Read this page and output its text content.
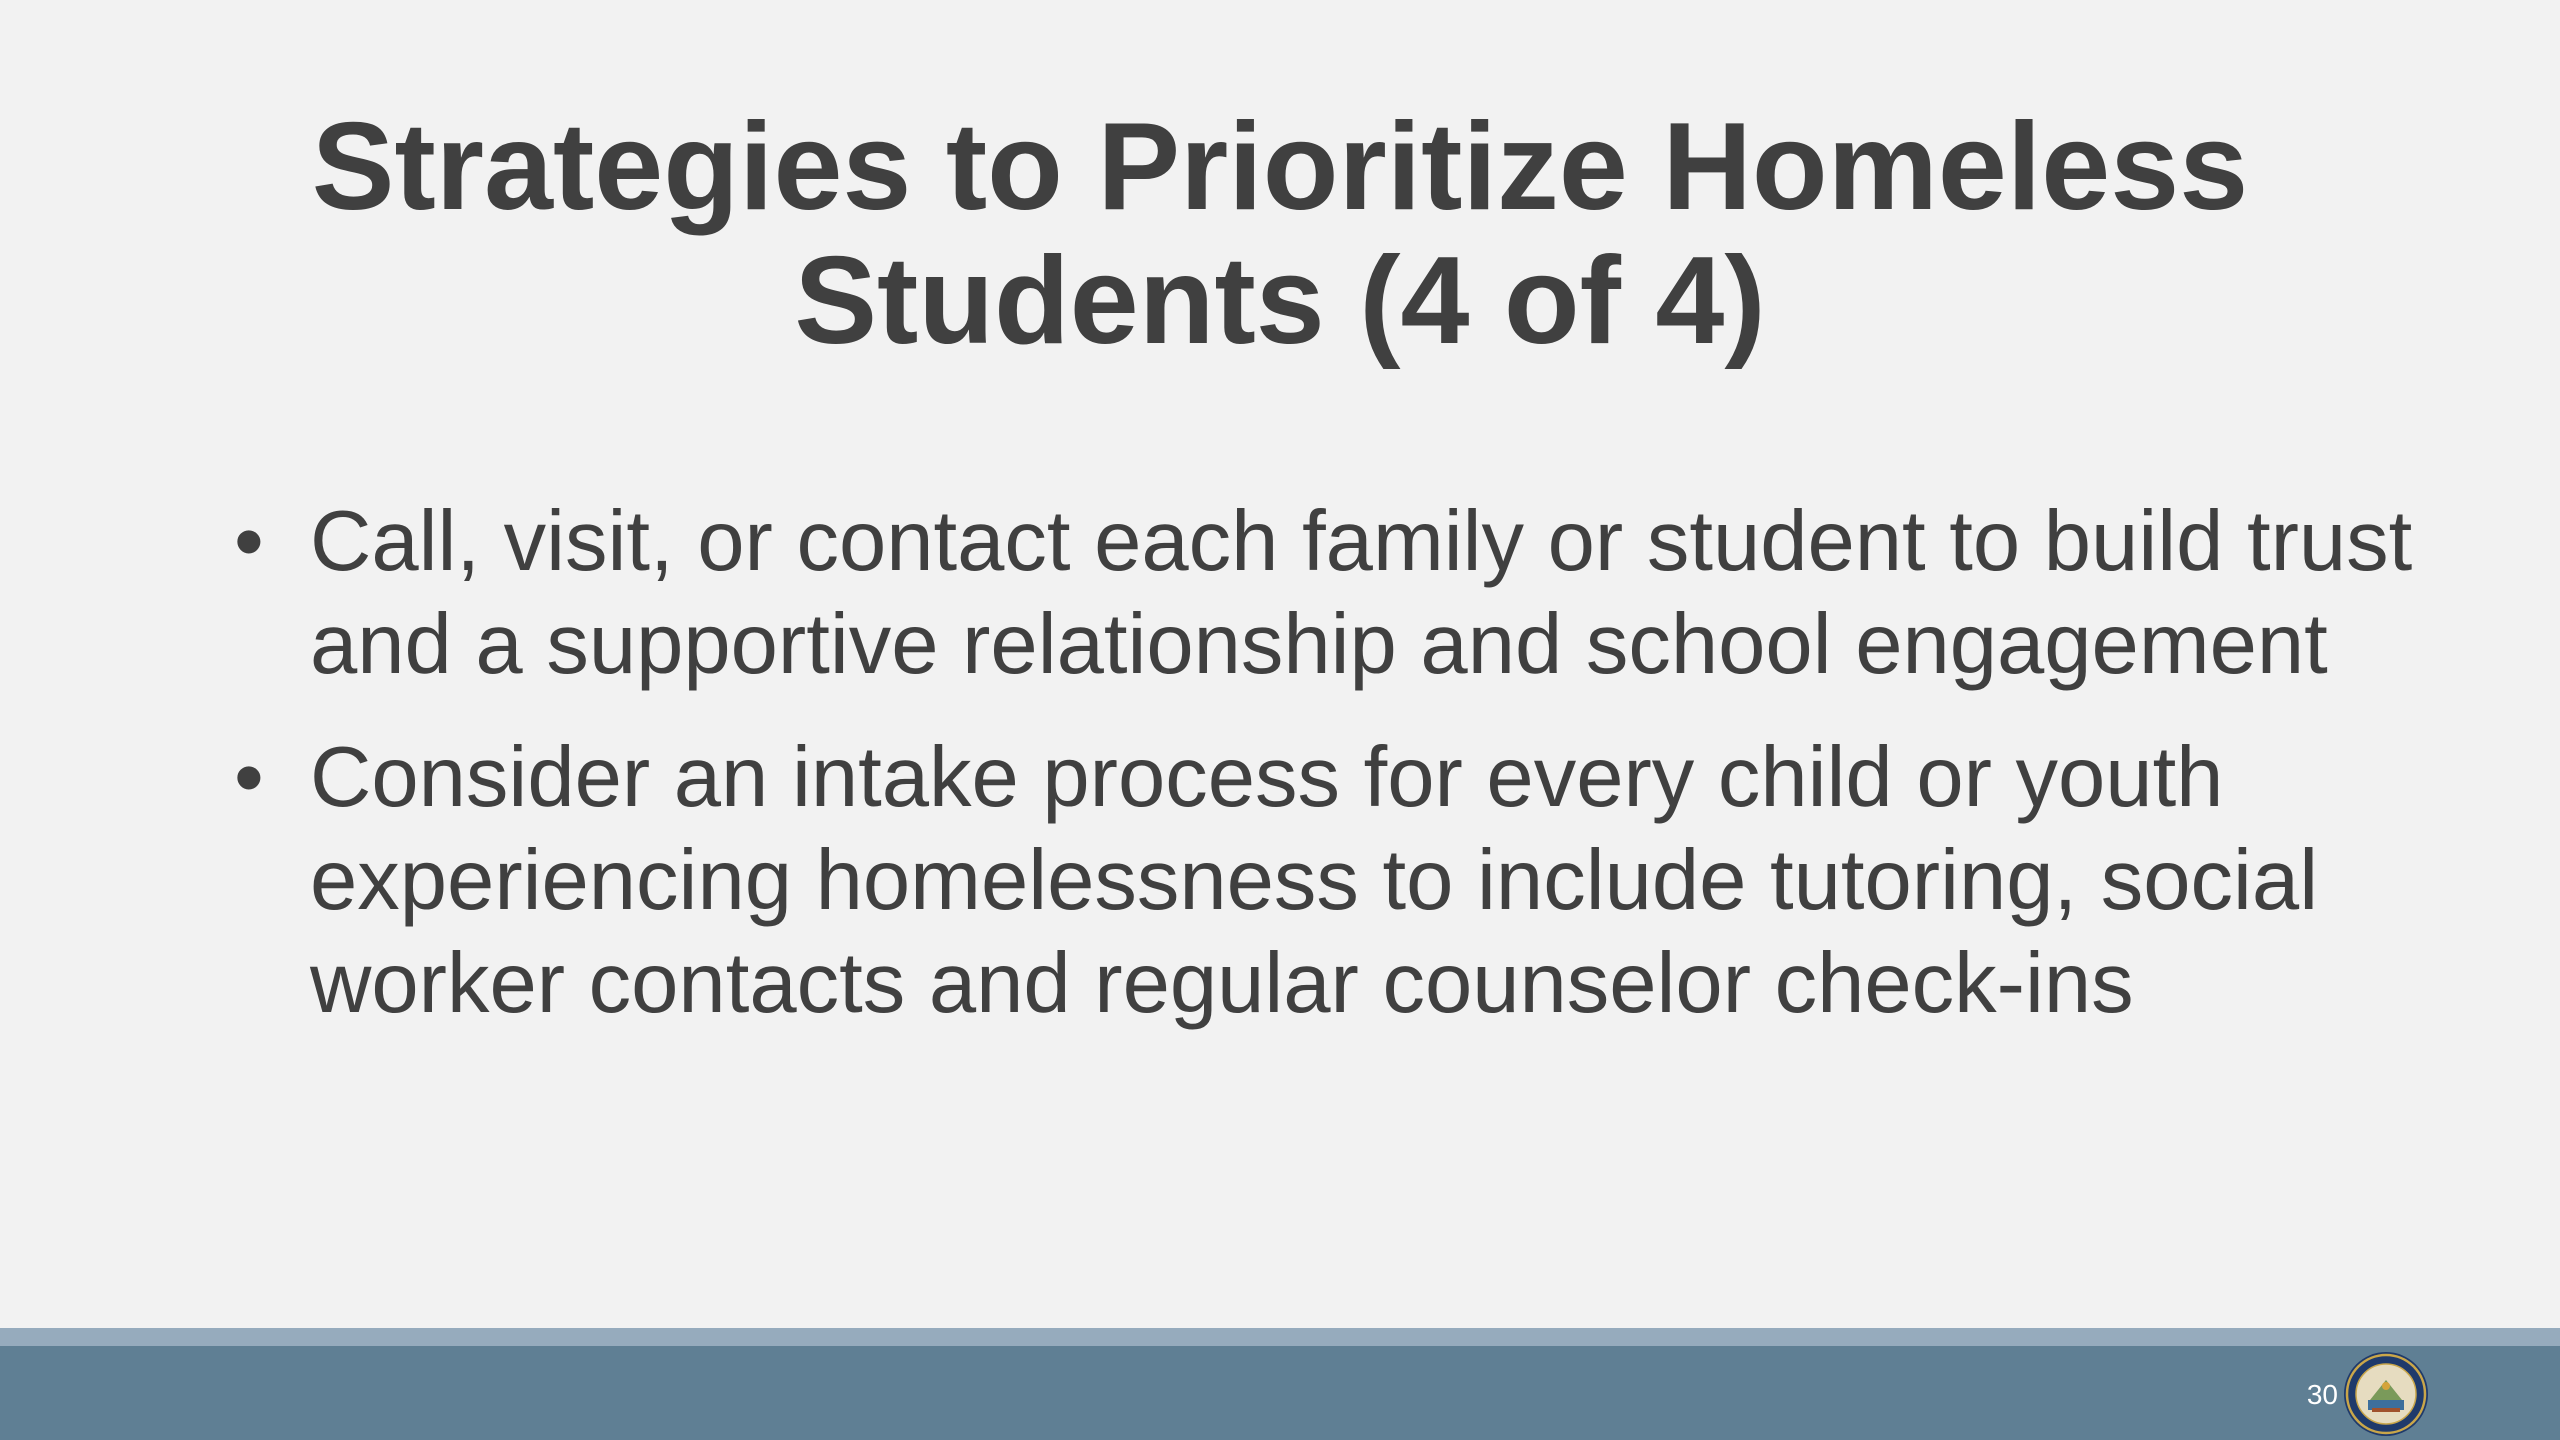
Strategies to Prioritize Homeless
Students (4 of 4)
• Call, visit, or contact each family or student to build trust and a supportive relationship and school engagement
• Consider an intake process for every child or youth experiencing homelessness to include tutoring, social worker contacts and regular counselor check-ins
30
